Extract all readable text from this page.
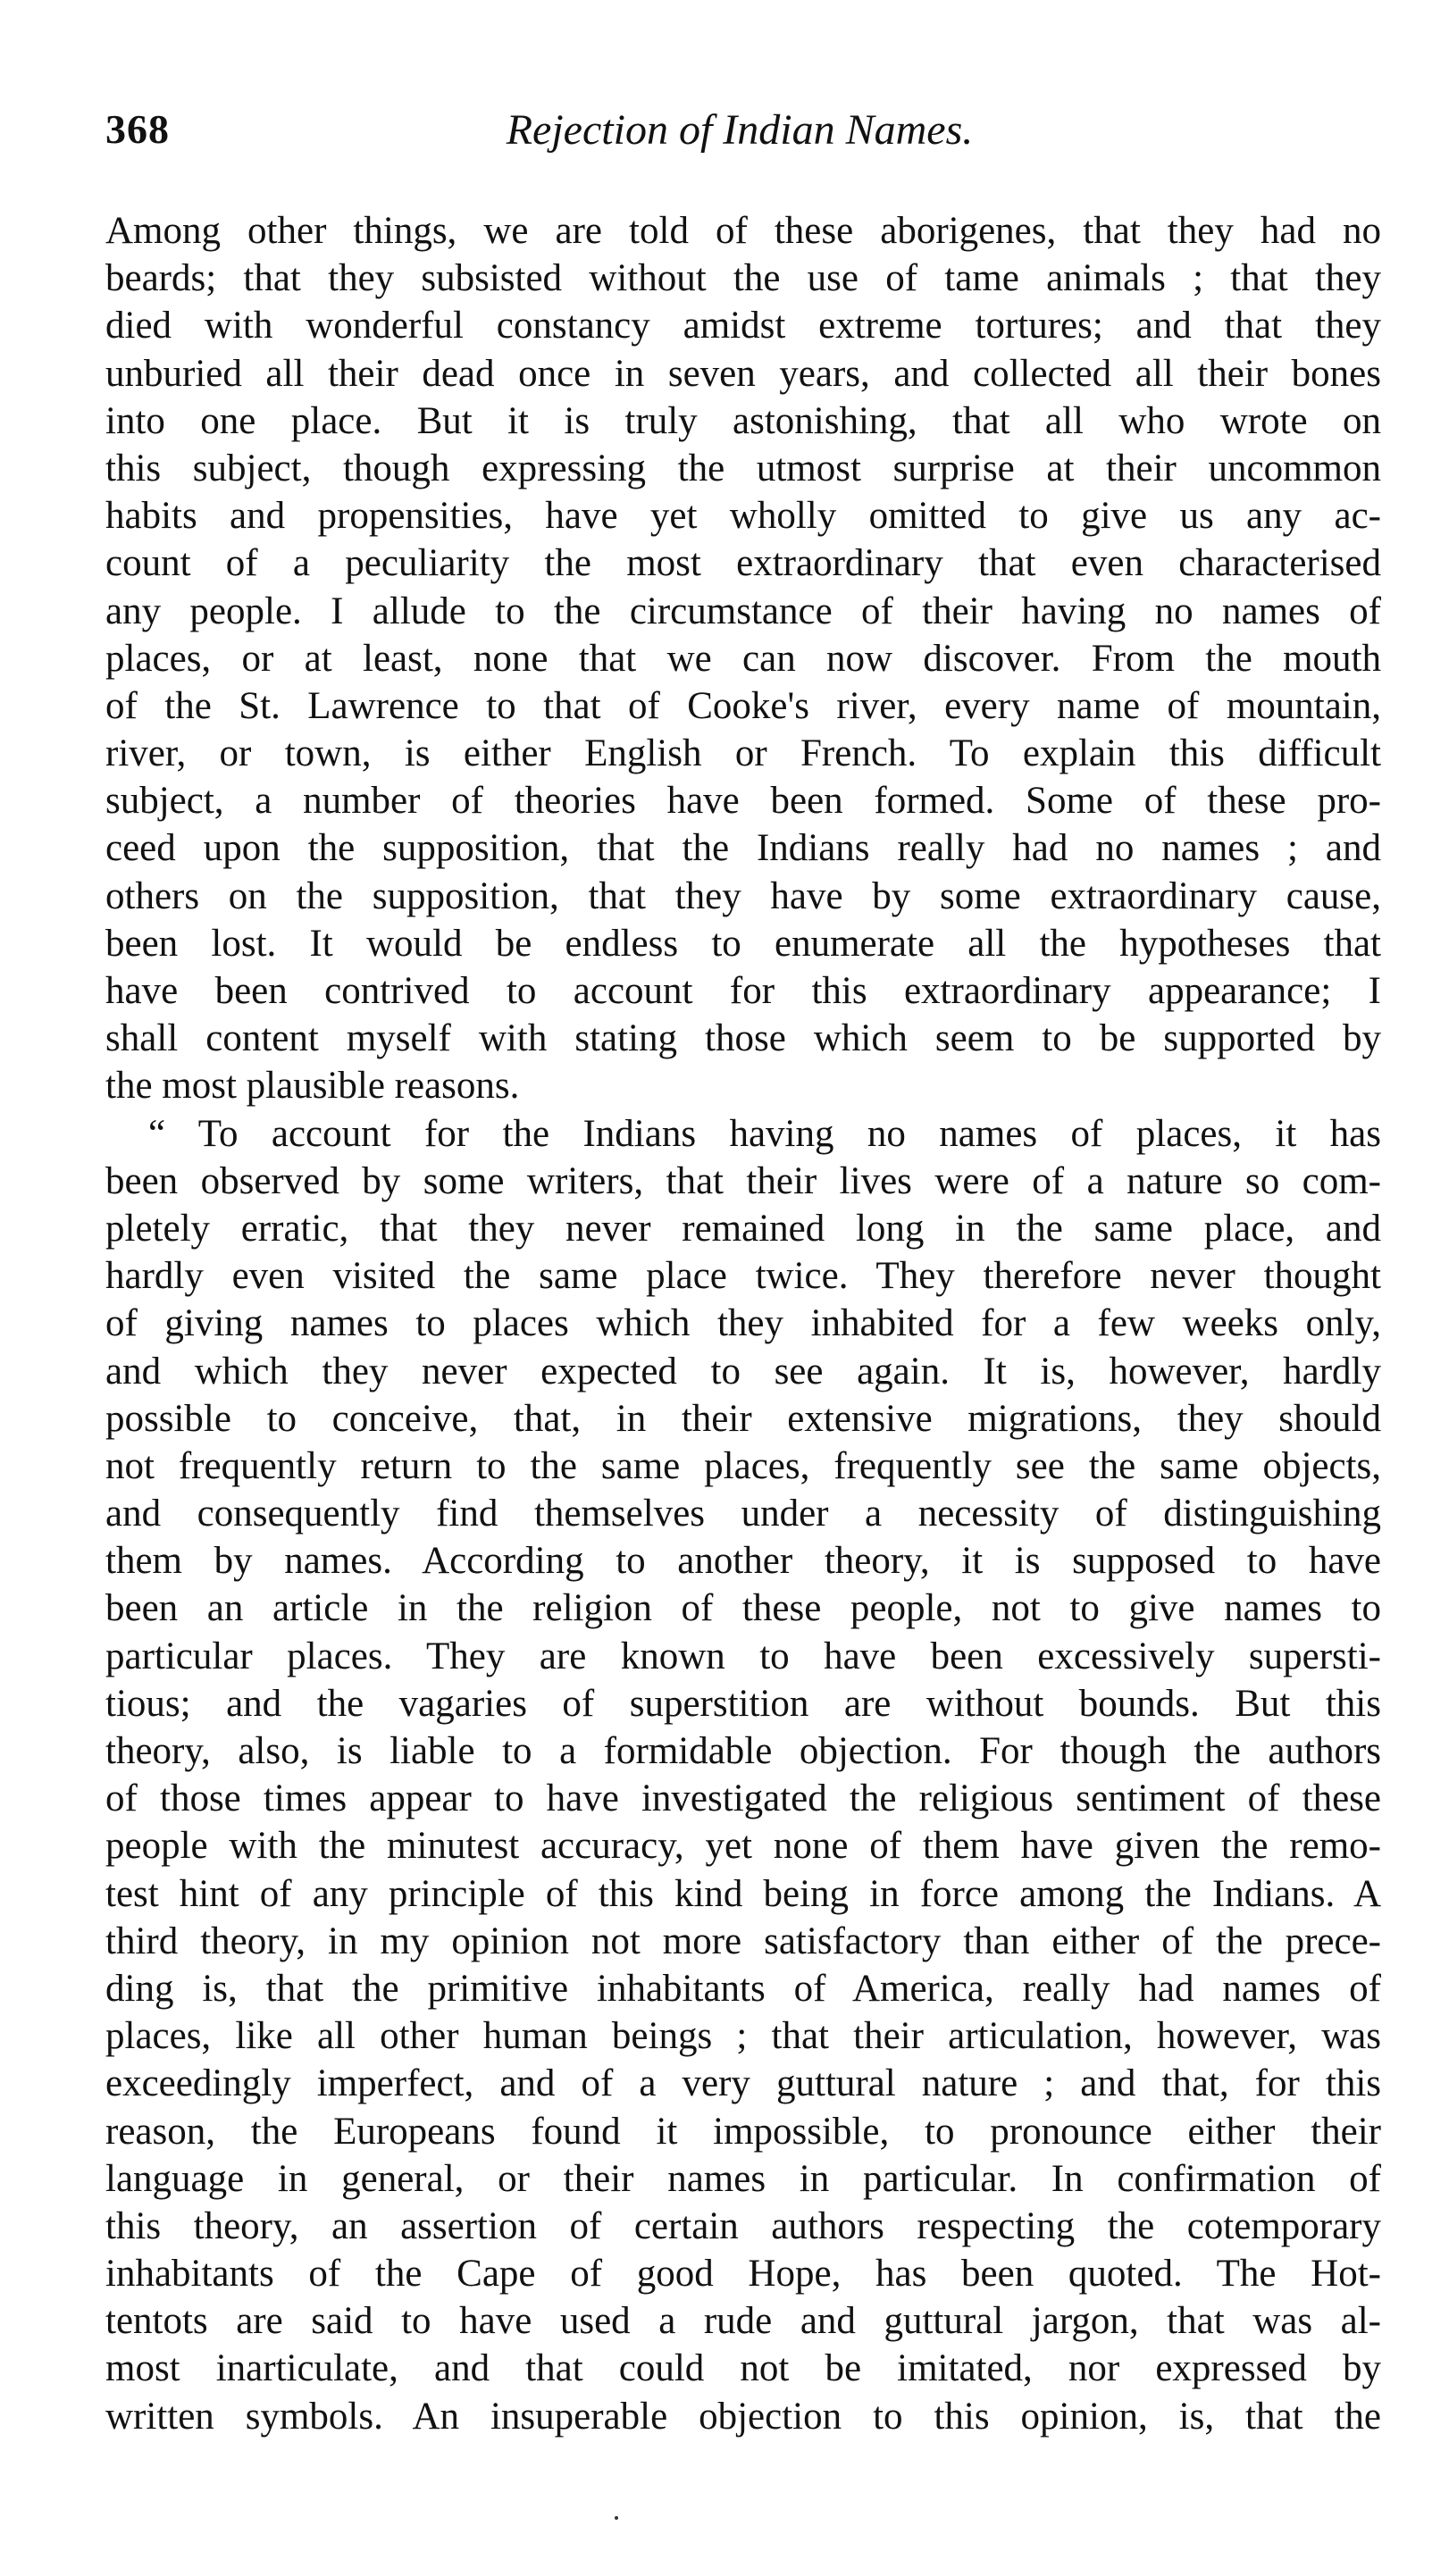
368	Rejection of Indian Names.
Among other things, we are told of these aborigenes, that they had no
beards; that they subsisted without the use of tame animals ; that they
died with wonderful constancy amidst extreme tortures; and that they
unburied all their dead once in seven years, and collected all their bones
into one place. But it is truly astonishing, that all who wrote on
this subject, though expressing the utmost surprise at their uncommon
habits and propensities, have yet wholly omitted to give us any ac-
count of a peculiarity the most extraordinary that even characterised
any people. I allude to the circumstance of their having no names of
places, or at least, none that we can now discover. From the mouth
of the St. Lawrence to that of Cooke's river, every name of mountain,
river, or town, is either English or French. To explain this difficult
subject, a number of theories have been formed. Some of these pro-
ceed upon the supposition, that the Indians really had no names ; and
others on the supposition, that they have by some extraordinary cause,
been lost. It would be endless to enumerate all the hypotheses that
have been contrived to account for this extraordinary appearance; I
shall content myself with stating those which seem to be supported by
the most plausible reasons.
“ To account for the Indians having no names of places, it has
been observed by some writers, that their lives were of a nature so com-
pletely erratic, that they never remained long in the same place, and
hardly even visited the same place twice. They therefore never thought
of giving names to places which they inhabited for a few weeks only,
and which they never expected to see again. It is, however, hardly
possible to conceive, that, in their extensive migrations, they should
not frequently return to the same places, frequently see the same objects,
and consequently find themselves under a necessity of distinguishing
them by names. According to another theory, it is supposed to have
been an article in the religion of these people, not to give names to
particular places. They are known to have been excessively supersti-
tious; and the vagaries of superstition are without bounds. But this
theory, also, is liable to a formidable objection. For though the authors
of those times appear to have investigated the religious sentiment of these
people with the minutest accuracy, yet none of them have given the remo-
test hint of any principle of this kind being in force among the Indians. A
third theory, in my opinion not more satisfactory than either of the prece-
ding is, that the primitive inhabitants of America, really had names of
places, like all other human beings ; that their articulation, however, was
exceedingly imperfect, and of a very guttural nature ; and that, for this
reason, the Europeans found it impossible, to pronounce either their
language in general, or their names in particular. In confirmation of
this theory, an assertion of certain authors respecting the cotemporary
inhabitants of the Cape of good Hope, has been quoted. The Hot-
tentots are said to have used a rude and guttural jargon, that was al-
most inarticulate, and that could not be imitated, nor expressed by
written symbols. An insuperable objection to this opinion, is, that the
